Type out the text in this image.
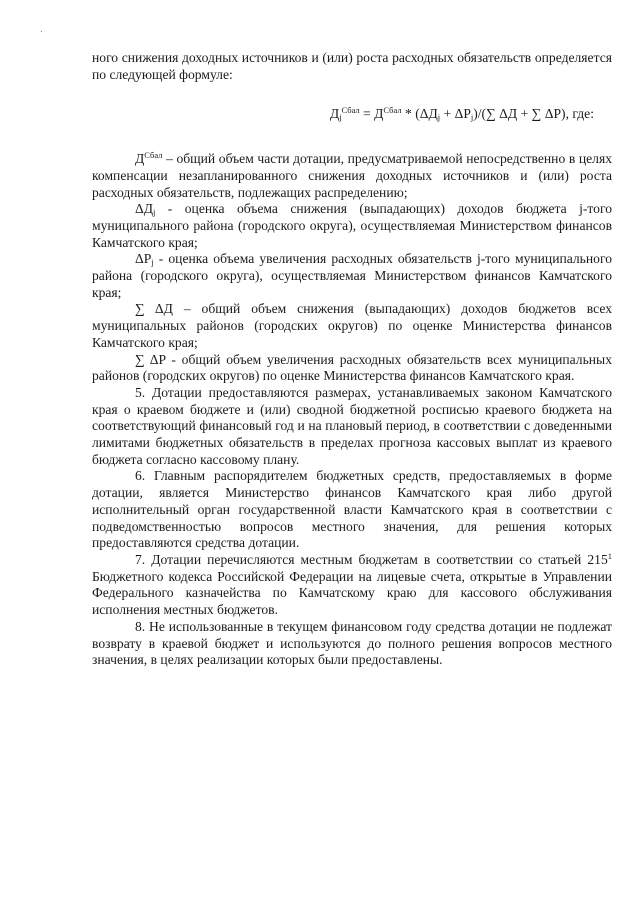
ного снижения доходных источников и (или) роста расходных обязательств определяется по следующей формуле:

$Д_j^{Сбал} = Д^{Сбал} * (\Delta Д_j + \Delta P_j)/(\sum$ ΔД + ∑ ΔP), где:

$Д^{Сбал}$ – общий объем части дотации, предусматриваемой непосредственно в целях компенсации незапланированного снижения доходных источников и (или) роста расходных обязательств, подлежащих распределению;

$\Delta Д_j$ - оценка объема снижения (выпадающих) доходов бюджета j-того муниципального района (городского округа), осуществляемая Министерством финансов Камчатского края;

$\Delta P_j$ - оценка объема увеличения расходных обязательств j-того муниципального района (городского округа), осуществляемая Министерством финансов Камчатского края;

∑ ΔД – общий объем снижения (выпадающих) доходов бюджетов всех муниципальных районов (городских округов) по оценке Министерства финансов Камчатского края;

∑ ΔP - общий объем увеличения расходных обязательств всех муниципальных районов (городских округов) по оценке Министерства финансов Камчатского края.

5. Дотации предоставляются размерах, устанавливаемых законом Камчатского края о краевом бюджете и (или) сводной бюджетной росписью краевого бюджета на соответствующий финансовый год и на плановый период, в соответствии с доведенными лимитами бюджетных обязательств в пределах прогноза кассовых выплат из краевого бюджета согласно кассовому плану.

6. Главным распорядителем бюджетных средств, предоставляемых в форме дотации, является Министерство финансов Камчатского края либо другой исполнительный орган государственной власти Камчатского края в соответствии с подведомственностью вопросов местного значения, для решения которых предоставляются средства дотации.

7. Дотации перечисляются местным бюджетам в соответствии со статьей $215^1$ Бюджетного кодекса Российской Федерации на лицевые счета, открытые в Управлении Федерального казначейства по Камчатскому краю для кассового обслуживания исполнения местных бюджетов.

8. Не использованные в текущем финансовом году средства дотации не подлежат возврату в краевой бюджет и используются до полного решения вопросов местного значения, в целях реализации которых были предоставлены.
